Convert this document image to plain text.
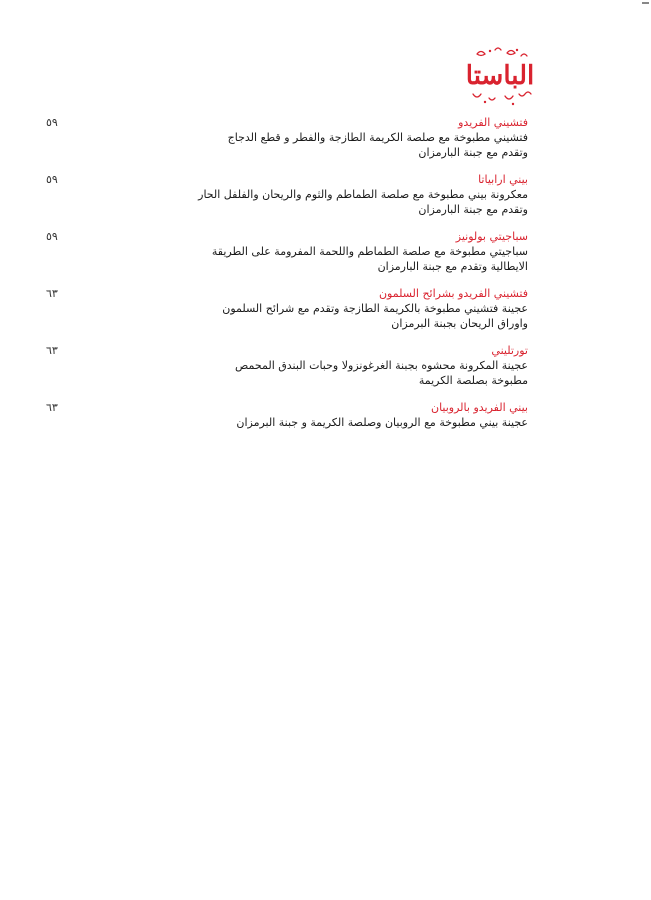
الباستا
فتشيني الفريدو
فتشيني مطبوخة مع صلصة الكريمة الطازجة والفطر و قطع الدجاج
وتقدم مع جبنة البارمزان
٥٩
بيني ارابياتا
معكرونة بيني مطبوخة مع صلصة الطماطم والثوم والريحان والفلفل الحار
وتقدم مع جبنة البارمزان
٥٩
سباجيتي بولونيز
سباجيتي مطبوخة مع صلصة الطماطم واللحمة المفرومة على الطريقة
الايطالية وتقدم مع جبنة البارمزان
٥٩
فتشيني الفريدو بشرائح السلمون
عجينة فتشيني مطبوخة بالكريمة الطازجة وتقدم مع شرائح السلمون
واوراق الريحان بجبنة البرمزان
٦٣
تورتليني
عجينة المكرونة محشوه بجبنة الغرغونزولا وحبات البندق المحمص
مطبوخة بصلصة الكريمة
٦٣
بيني الفريدو بالروبيان
عجينة بيني مطبوخة مع الروبيان وصلصة الكريمة و جبنة البرمزان
٦٣
